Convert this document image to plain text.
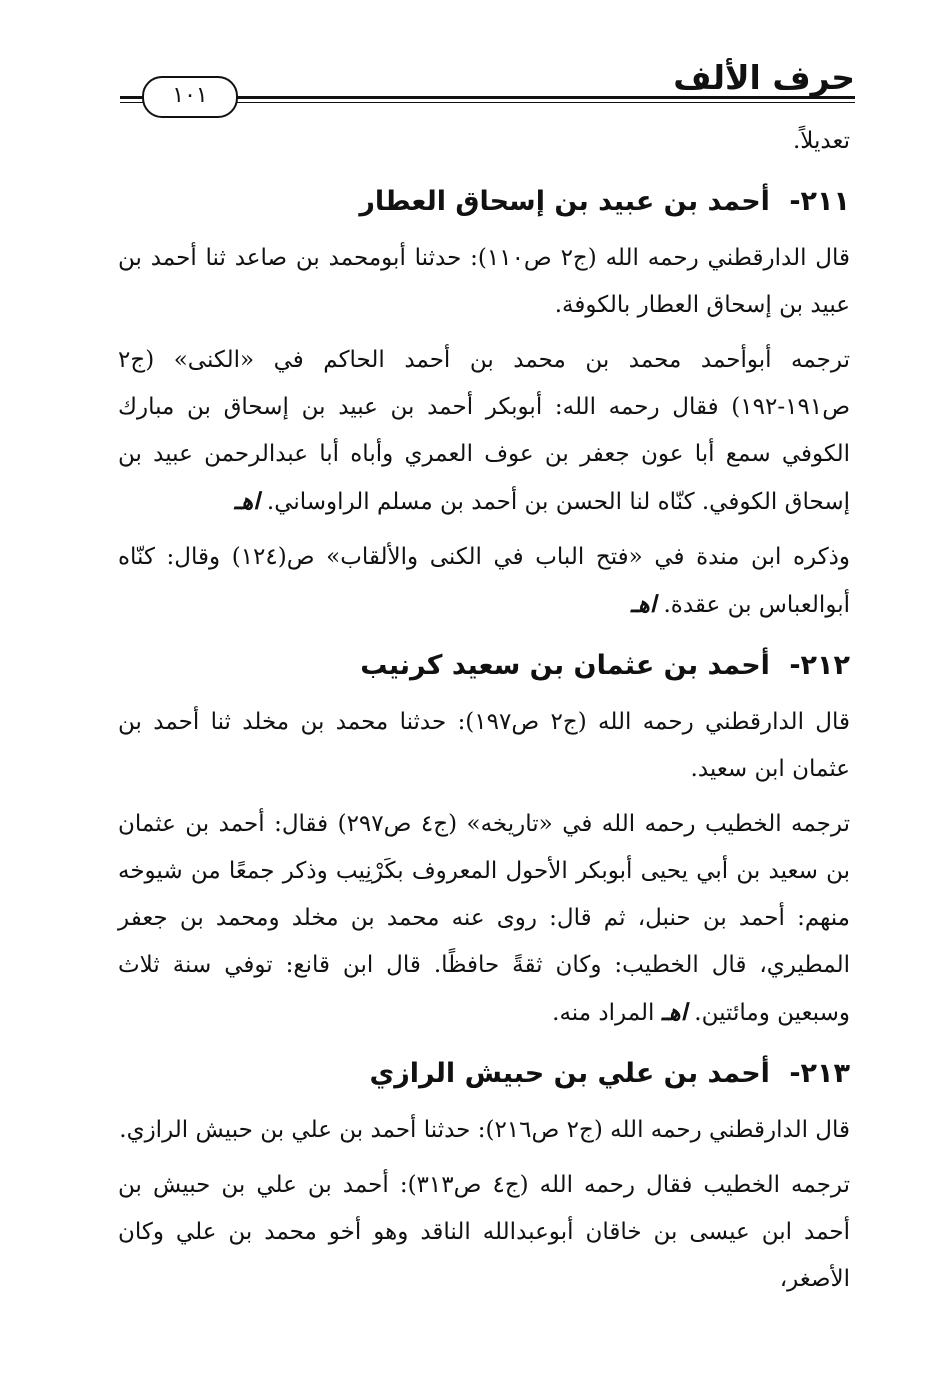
١٠١	حرف الألف

تعديلاً.

٢١١- أحمد بن عبيد بن إسحاق العطار

قال الدارقطني رحمه الله (ج٢ ص١١٠): حدثنا أبومحمد بن صاعد ثنا أحمد بن عبيد بن إسحاق العطار بالكوفة.

ترجمه أبوأحمد محمد بن محمد بن أحمد الحاكم في «الكنى» (ج٢ ص١٩١-١٩٢) فقال رحمه الله: أبوبكر أحمد بن عبيد بن إسحاق بن مبارك الكوفي سمع أبا عون جعفر بن عوف العمري وأباه أبا عبدالرحمن عبيد بن إسحاق الكوفي. كنّاه لنا الحسن بن أحمد بن مسلم الراوساني. اهـ

وذكره ابن مندة في «فتح الباب في الكنى والألقاب» ص(١٢٤) وقال: كنّاه أبوالعباس بن عقدة. اهـ

٢١٢- أحمد بن عثمان بن سعيد كرنيب

قال الدارقطني رحمه الله (ج٢ ص١٩٧): حدثنا محمد بن مخلد ثنا أحمد بن عثمان ابن سعيد.

ترجمه الخطيب رحمه الله في «تاريخه» (ج٤ ص٢٩٧) فقال: أحمد بن عثمان بن سعيد بن أبي يحيى أبوبكر الأحول المعروف بكَرْنِيب وذكر جمعًا من شيوخه منهم: أحمد بن حنبل، ثم قال: روى عنه محمد بن مخلد ومحمد بن جعفر المطيري، قال الخطيب: وكان ثقةً حافظًا. قال ابن قانع: توفي سنة ثلاث وسبعين ومائتين. اهـ المراد منه.

٢١٣- أحمد بن علي بن حبيش الرازي

قال الدارقطني رحمه الله (ج٢ ص٢١٦): حدثنا أحمد بن علي بن حبيش الرازي.

ترجمه الخطيب فقال رحمه الله (ج٤ ص٣١٣): أحمد بن علي بن حبيش بن أحمد ابن عيسى بن خاقان أبوعبدالله الناقد وهو أخو محمد بن علي وكان الأصغر،
